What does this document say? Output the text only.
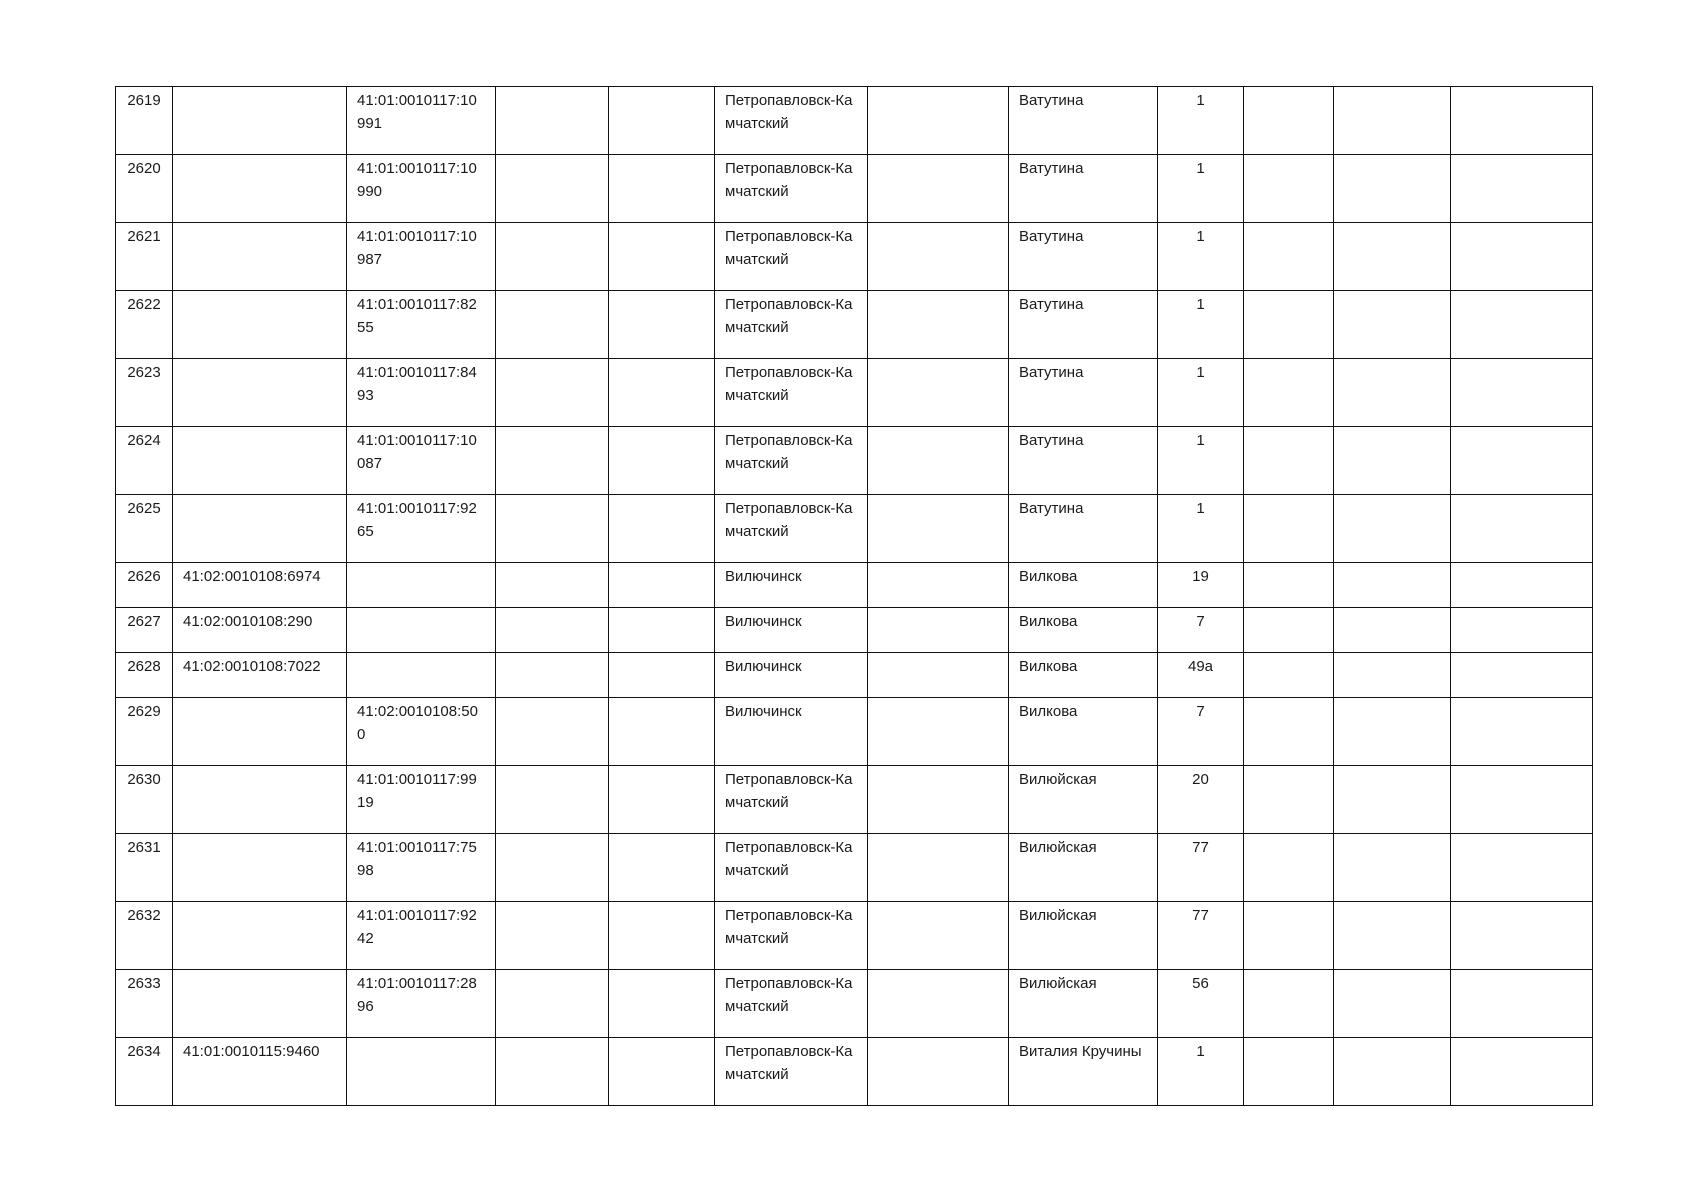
2619		41:01:0010117:10991			Петропавловск-Камчатский		Ватутина	1			
2620		41:01:0010117:10990			Петропавловск-Камчатский		Ватутина	1			
2621		41:01:0010117:10987			Петропавловск-Камчатский		Ватутина	1			
2622		41:01:0010117:8255			Петропавловск-Камчатский		Ватутина	1			
2623		41:01:0010117:8493			Петропавловск-Камчатский		Ватутина	1			
2624		41:01:0010117:10087			Петропавловск-Камчатский		Ватутина	1			
2625		41:01:0010117:9265			Петропавловск-Камчатский		Ватутина	1			
2626	41:02:0010108:6974				Вилючинск		Вилкова	19			
2627	41:02:0010108:290				Вилючинск		Вилкова	7			
2628	41:02:0010108:7022				Вилючинск		Вилкова	49а			
2629		41:02:0010108:500			Вилючинск		Вилкова	7			
2630		41:01:0010117:9919			Петропавловск-Камчатский		Вилюйская	20			
2631		41:01:0010117:7598			Петропавловск-Камчатский		Вилюйская	77			
2632		41:01:0010117:9242			Петропавловск-Камчатский		Вилюйская	77			
2633		41:01:0010117:2896			Петропавловск-Камчатский		Вилюйская	56			
2634	41:01:0010115:9460				Петропавловск-Камчатский		Виталия Кручины	1			
